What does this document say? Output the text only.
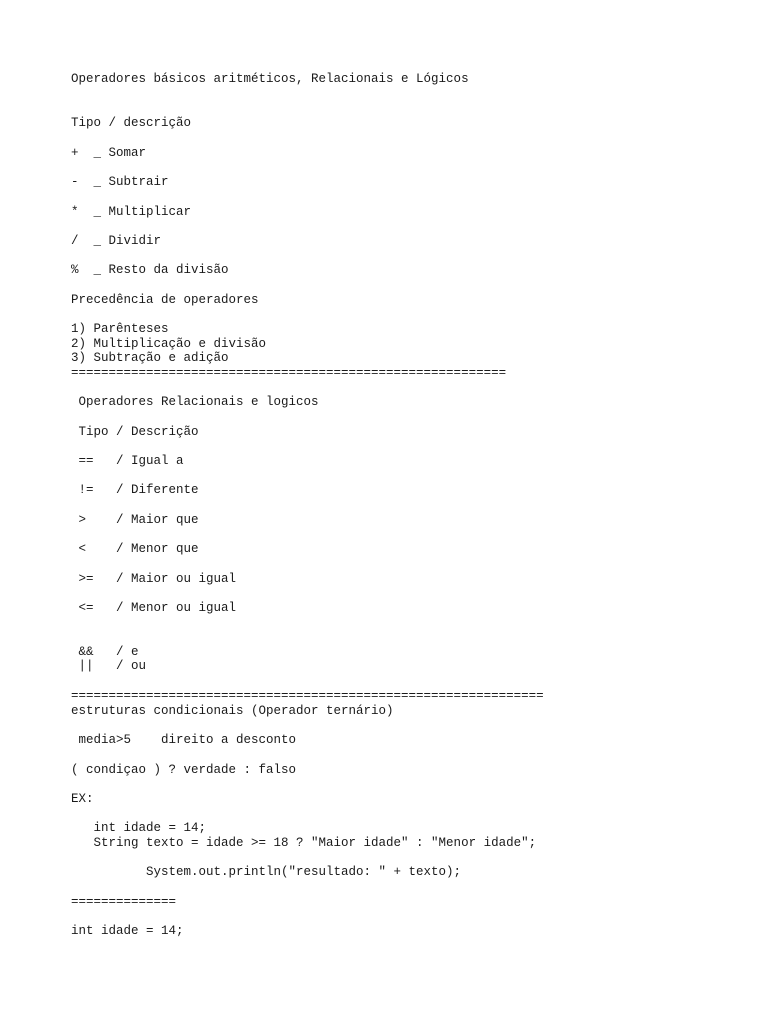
Operadores básicos aritméticos, Relacionais e Lógicos
Tipo / descrição
+  _ Somar
-  _ Subtrair
*  _ Multiplicar
/  _ Dividir
%  _ Resto da divisão
Precedência de operadores
1) Parênteses
2) Multiplicação e divisão
3) Subtração e adição
==========================================================
Operadores Relacionais e logicos
Tipo / Descrição
==   / Igual a
!=   / Diferente
>    / Maior que
<    / Menor que
>=   / Maior ou igual
<=   / Menor ou igual
&&   / e
||   / ou
===============================================================
estruturas condicionais (Operador ternário)
media>5    direito a desconto
( condiçao ) ? verdade : falso
EX:
int idade = 14;
String texto = idade >= 18 ? "Maior idade" : "Menor idade";
System.out.println("resultado: " + texto);
==============
int idade = 14;
